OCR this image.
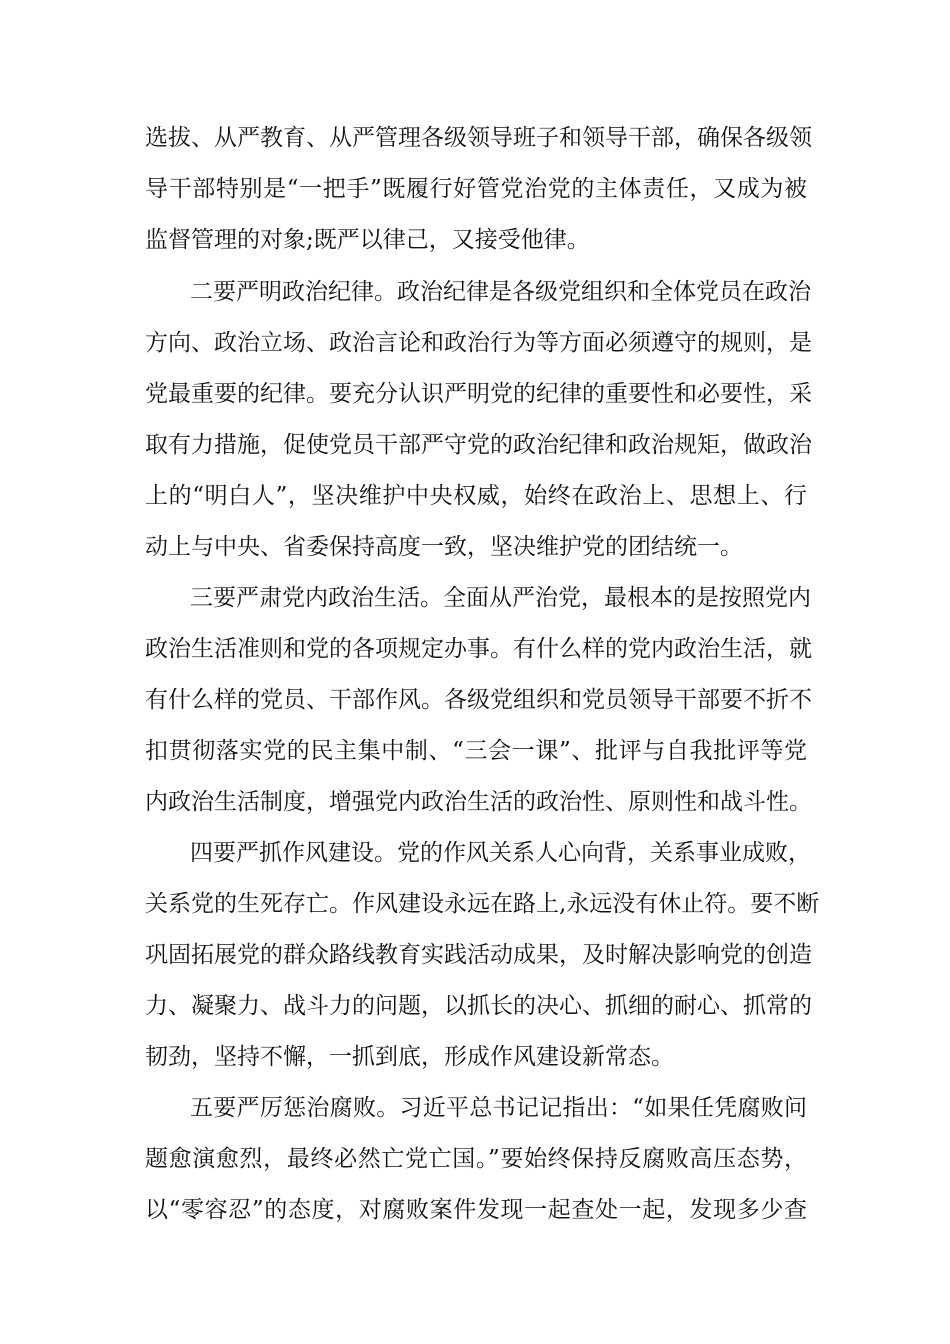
选拔、从严教育、从严管理各级领导班子和领导干部，确保各级领
导干部特别是“一把手”既履行好管党治党的主体责任，又成为被
监督管理的对象;既严以律己，又接受他律。
二要严明政治纪律。政治纪律是各级党组织和全体党员在政治
方向、政治立场、政治言论和政治行为等方面必须遵守的规则，是
党最重要的纪律。要充分认识严明党的纪律的重要性和必要性，采
取有力措施，促使党员干部严守党的政治纪律和政治规矩，做政治
上的“明白人”，坚决维护中央权威，始终在政治上、思想上、行
动上与中央、省委保持高度一致，坚决维护党的团结统一。
三要严肃党内政治生活。全面从严治党，最根本的是按照党内
政治生活准则和党的各项规定办事。有什么样的党内政治生活，就
有什么样的党员、干部作风。各级党组织和党员领导干部要不折不
扣贯彻落实党的民主集中制、“三会一课”、批评与自我批评等党
内政治生活制度，增强党内政治生活的政治性、原则性和战斗性。
四要严抓作风建设。党的作风关系人心向背，关系事业成败，
关系党的生死存亡。作风建设永远在路上,永远没有休止符。要不断
巩固拓展党的群众路线教育实践活动成果，及时解决影响党的创造
力、凝聚力、战斗力的问题，以抓长的决心、抓细的耐心、抓常的
韧劲，坚持不懈，一抓到底，形成作风建设新常态。
五要严厉惩治腐败。习近平总书记记指出：“如果任凭腐败问
题愈演愈烈，最终必然亡党亡国。”要始终保持反腐败高压态势，
以“零容忍”的态度，对腐败案件发现一起查处一起，发现多少查
